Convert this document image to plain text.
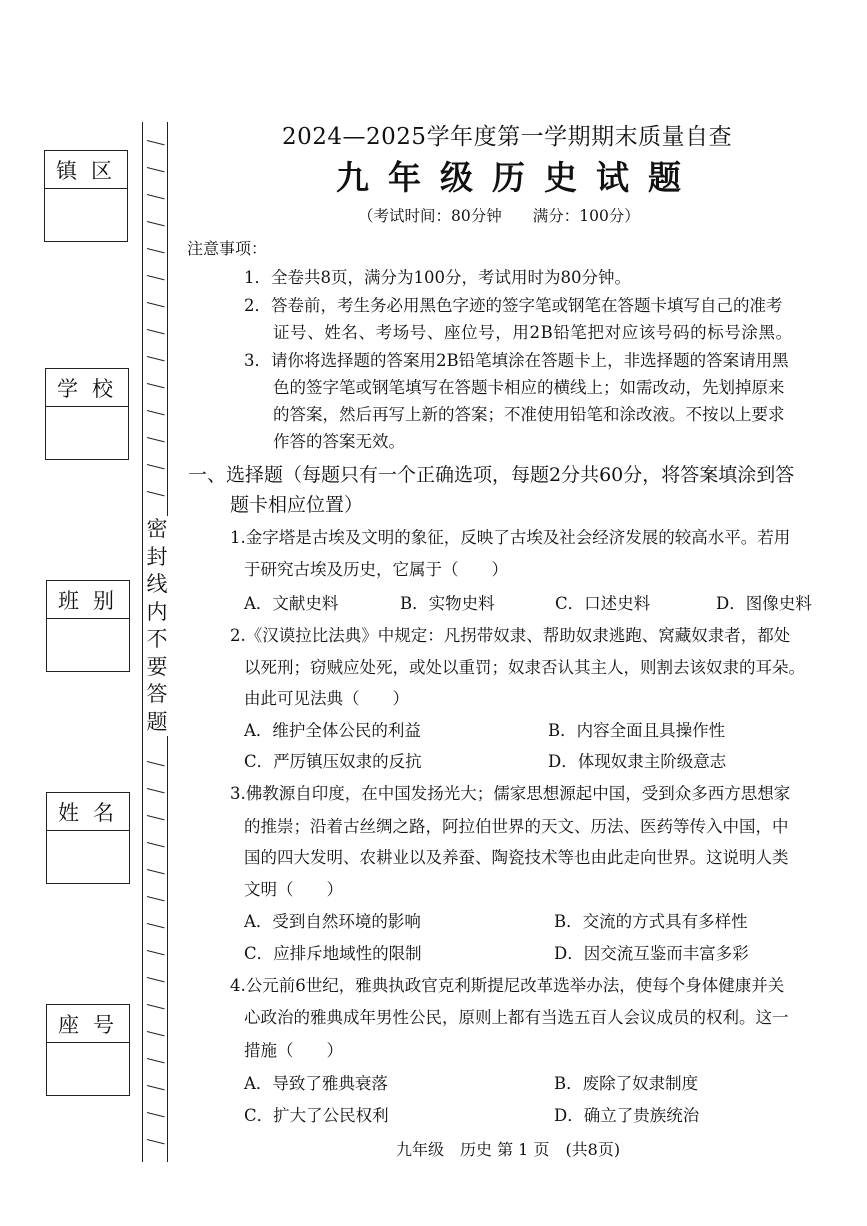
镇区
学校
班别
姓名
座号
密
封
线
内
不
要
答
题
2024—2025学年度第一学期期末质量自查
九年级历史试题
（考试时间：80分钟　　满分：100分）
注意事项：
1．全卷共8页，满分为100分，考试用时为80分钟。
2．答卷前，考生务必用黑色字迹的签字笔或钢笔在答题卡填写自己的准考
证号、姓名、考场号、座位号，用2B铅笔把对应该号码的标号涂黑。
3．请你将选择题的答案用2B铅笔填涂在答题卡上，非选择题的答案请用黑
色的签字笔或钢笔填写在答题卡相应的横线上；如需改动，先划掉原来
的答案，然后再写上新的答案；不准使用铅笔和涂改液。不按以上要求
作答的答案无效。
一、选择题（每题只有一个正确选项，每题2分共60分，将答案填涂到答
题卡相应位置）
1.金字塔是古埃及文明的象征，反映了古埃及社会经济发展的较高水平。若用
于研究古埃及历史，它属于（　　）
A．文献史料	B．实物史料	C．口述史料	D．图像史料
2.《汉谟拉比法典》中规定：凡拐带奴隶、帮助奴隶逃跑、窝藏奴隶者，都处
以死刑；窃贼应处死，或处以重罚；奴隶否认其主人，则割去该奴隶的耳朵。
由此可见法典（　　）
A．维护全体公民的利益	B．内容全面且具操作性
C．严厉镇压奴隶的反抗	D．体现奴隶主阶级意志
3.佛教源自印度，在中国发扬光大；儒家思想源起中国，受到众多西方思想家
的推崇；沿着古丝绸之路，阿拉伯世界的天文、历法、医药等传入中国，中
国的四大发明、农耕业以及养蚕、陶瓷技术等也由此走向世界。这说明人类
文明（　　）
A．受到自然环境的影响	B．交流的方式具有多样性
C．应排斥地域性的限制	D．因交流互鉴而丰富多彩
4.公元前6世纪，雅典执政官克利斯提尼改革选举办法，使每个身体健康并关
心政治的雅典成年男性公民，原则上都有当选五百人会议成员的权利。这一
措施（　　）
A．导致了雅典衰落	B．废除了奴隶制度
C．扩大了公民权利	D．确立了贵族统治
九年级　历史 第 1 页　(共8页)
